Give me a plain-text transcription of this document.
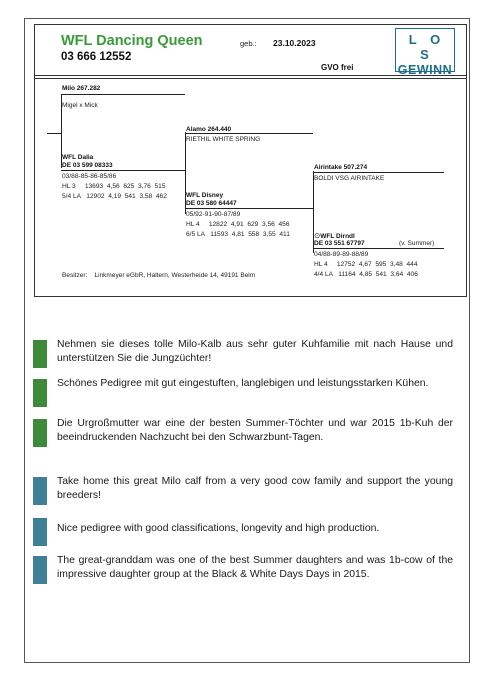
WFL Dancing Queen
03 666 12552
geb.: 23.10.2023
GVO frei
L O S
GEWINN
Milo 267.282
Migel x Mick
WFL Dalia
DE 03 599 08333
03/88-85-86-85/86
HL 3     13693  4,56  625  3,76  515
5/4 LA   12902  4,19  541  3,58  462
Alamo 264.440
RIETHIL WHITE SPRING
WFL Disney
DE 03 580 64447
05/92-91-90-87/89
HL 4     12822  4,91  629  3,56  456
6/5 LA   11593  4,81  558  3,55  411
Airintake 507.274
BOLDI VSG AIRINTAKE
⊙WFL Dirndl
DE 03 551 67797	(v. Summer)
04/88-89-89-88/89
HL 4     12752  4,67  595  3,48  444
4/4 LA   11164  4,85  541  3,64  406
Besitzer:    Linkmeyer eGbR, Haltern, Westerheide 14, 49191 Belm
Nehmen sie dieses tolle Milo-Kalb aus sehr guter Kuhfamilie mit nach Hause und unterstützen Sie die Jungzüchter!
Schönes Pedigree mit gut eingestuften, langlebigen und leistungsstarken Kühen.
Die Urgroßmutter war eine der besten Summer-Töchter und war 2015 1b-Kuh der beeindruckenden Nachzucht bei den Schwarzbunt-Tagen.
Take home this great Milo calf from a very good cow family and support the young breeders!
Nice pedigree with good classifications, longevity and high production.
The great-granddam was one of the best Summer daughters and was 1b-cow of the impressive daughter group at the Black & White Days Days in 2015.
